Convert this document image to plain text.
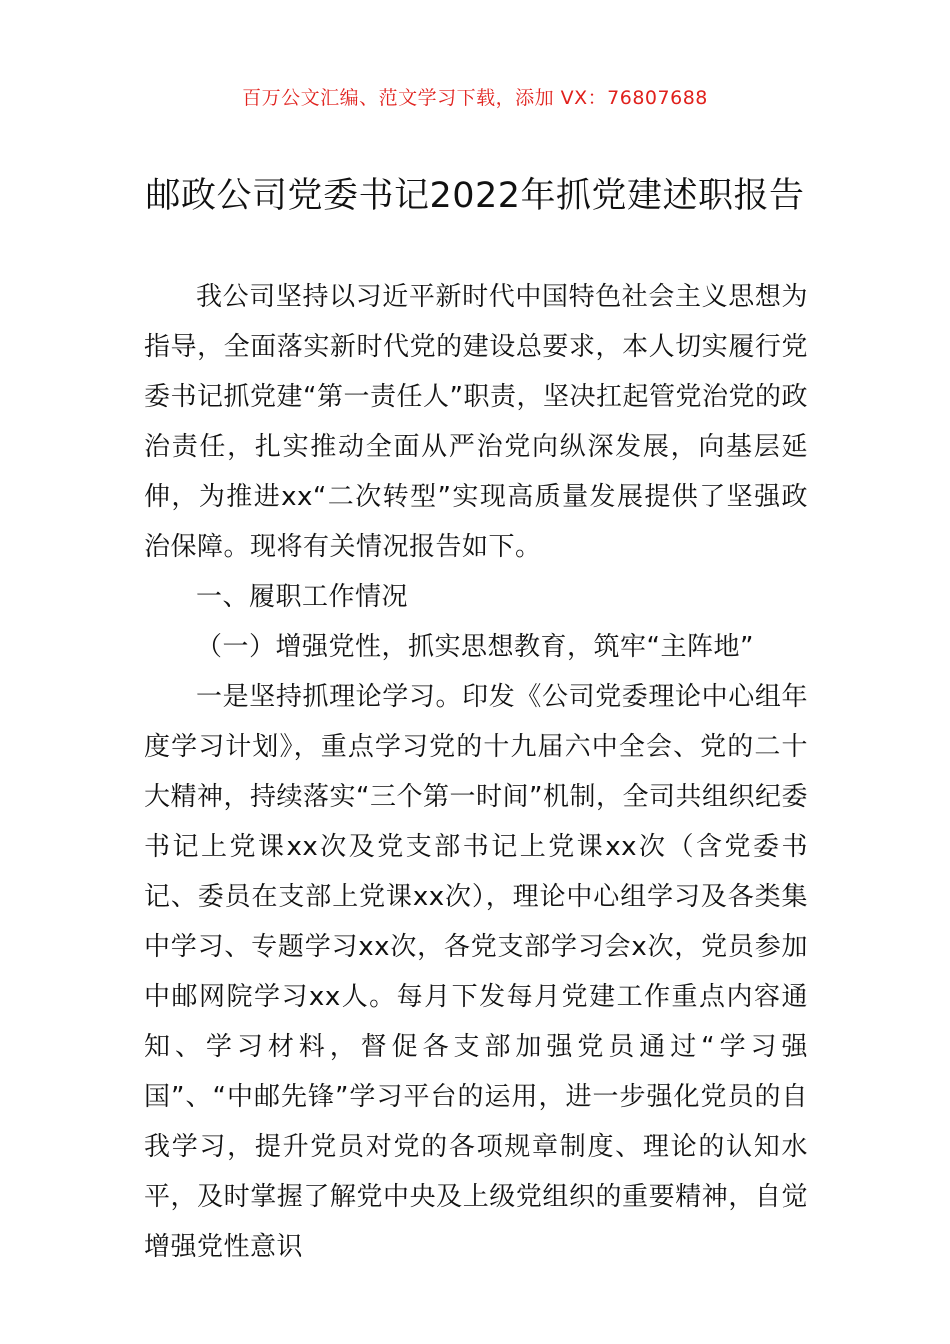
百万公文汇编、范文学习下载，添加 VX：76807688
邮政公司党委书记2022年抓党建述职报告

我公司坚持以习近平新时代中国特色社会主义思想为指导，全面落实新时代党的建设总要求，本人切实履行党委书记抓党建“第一责任人”职责，坚决扛起管党治党的政治责任，扎实推动全面从严治党向纵深发展，向基层延伸，为推进xx“二次转型”实现高质量发展提供了坚强政治保障。现将有关情况报告如下。

一、履职工作情况

（一）增强党性，抓实思想教育，筑牢“主阵地”

一是坚持抓理论学习。印发《公司党委理论中心组年度学习计划》，重点学习党的十九届六中全会、党的二十大精神，持续落实“三个第一时间”机制，全司共组织纪委书记上党课xx次及党支部书记上党课xx次（含党委书记、委员在支部上党课xx次），理论中心组学习及各类集中学习、专题学习xx次，各党支部学习会x次，党员参加中邮网院学习xx人。每月下发每月党建工作重点内容通知、学习材料，督促各支部加强党员通过“学习强国”、“中邮先锋”学习平台的运用，进一步强化党员的自我学习，提升党员对党的各项规章制度、理论的认知水平，及时掌握了解党中央及上级党组织的重要精神，自觉增强党性意识
